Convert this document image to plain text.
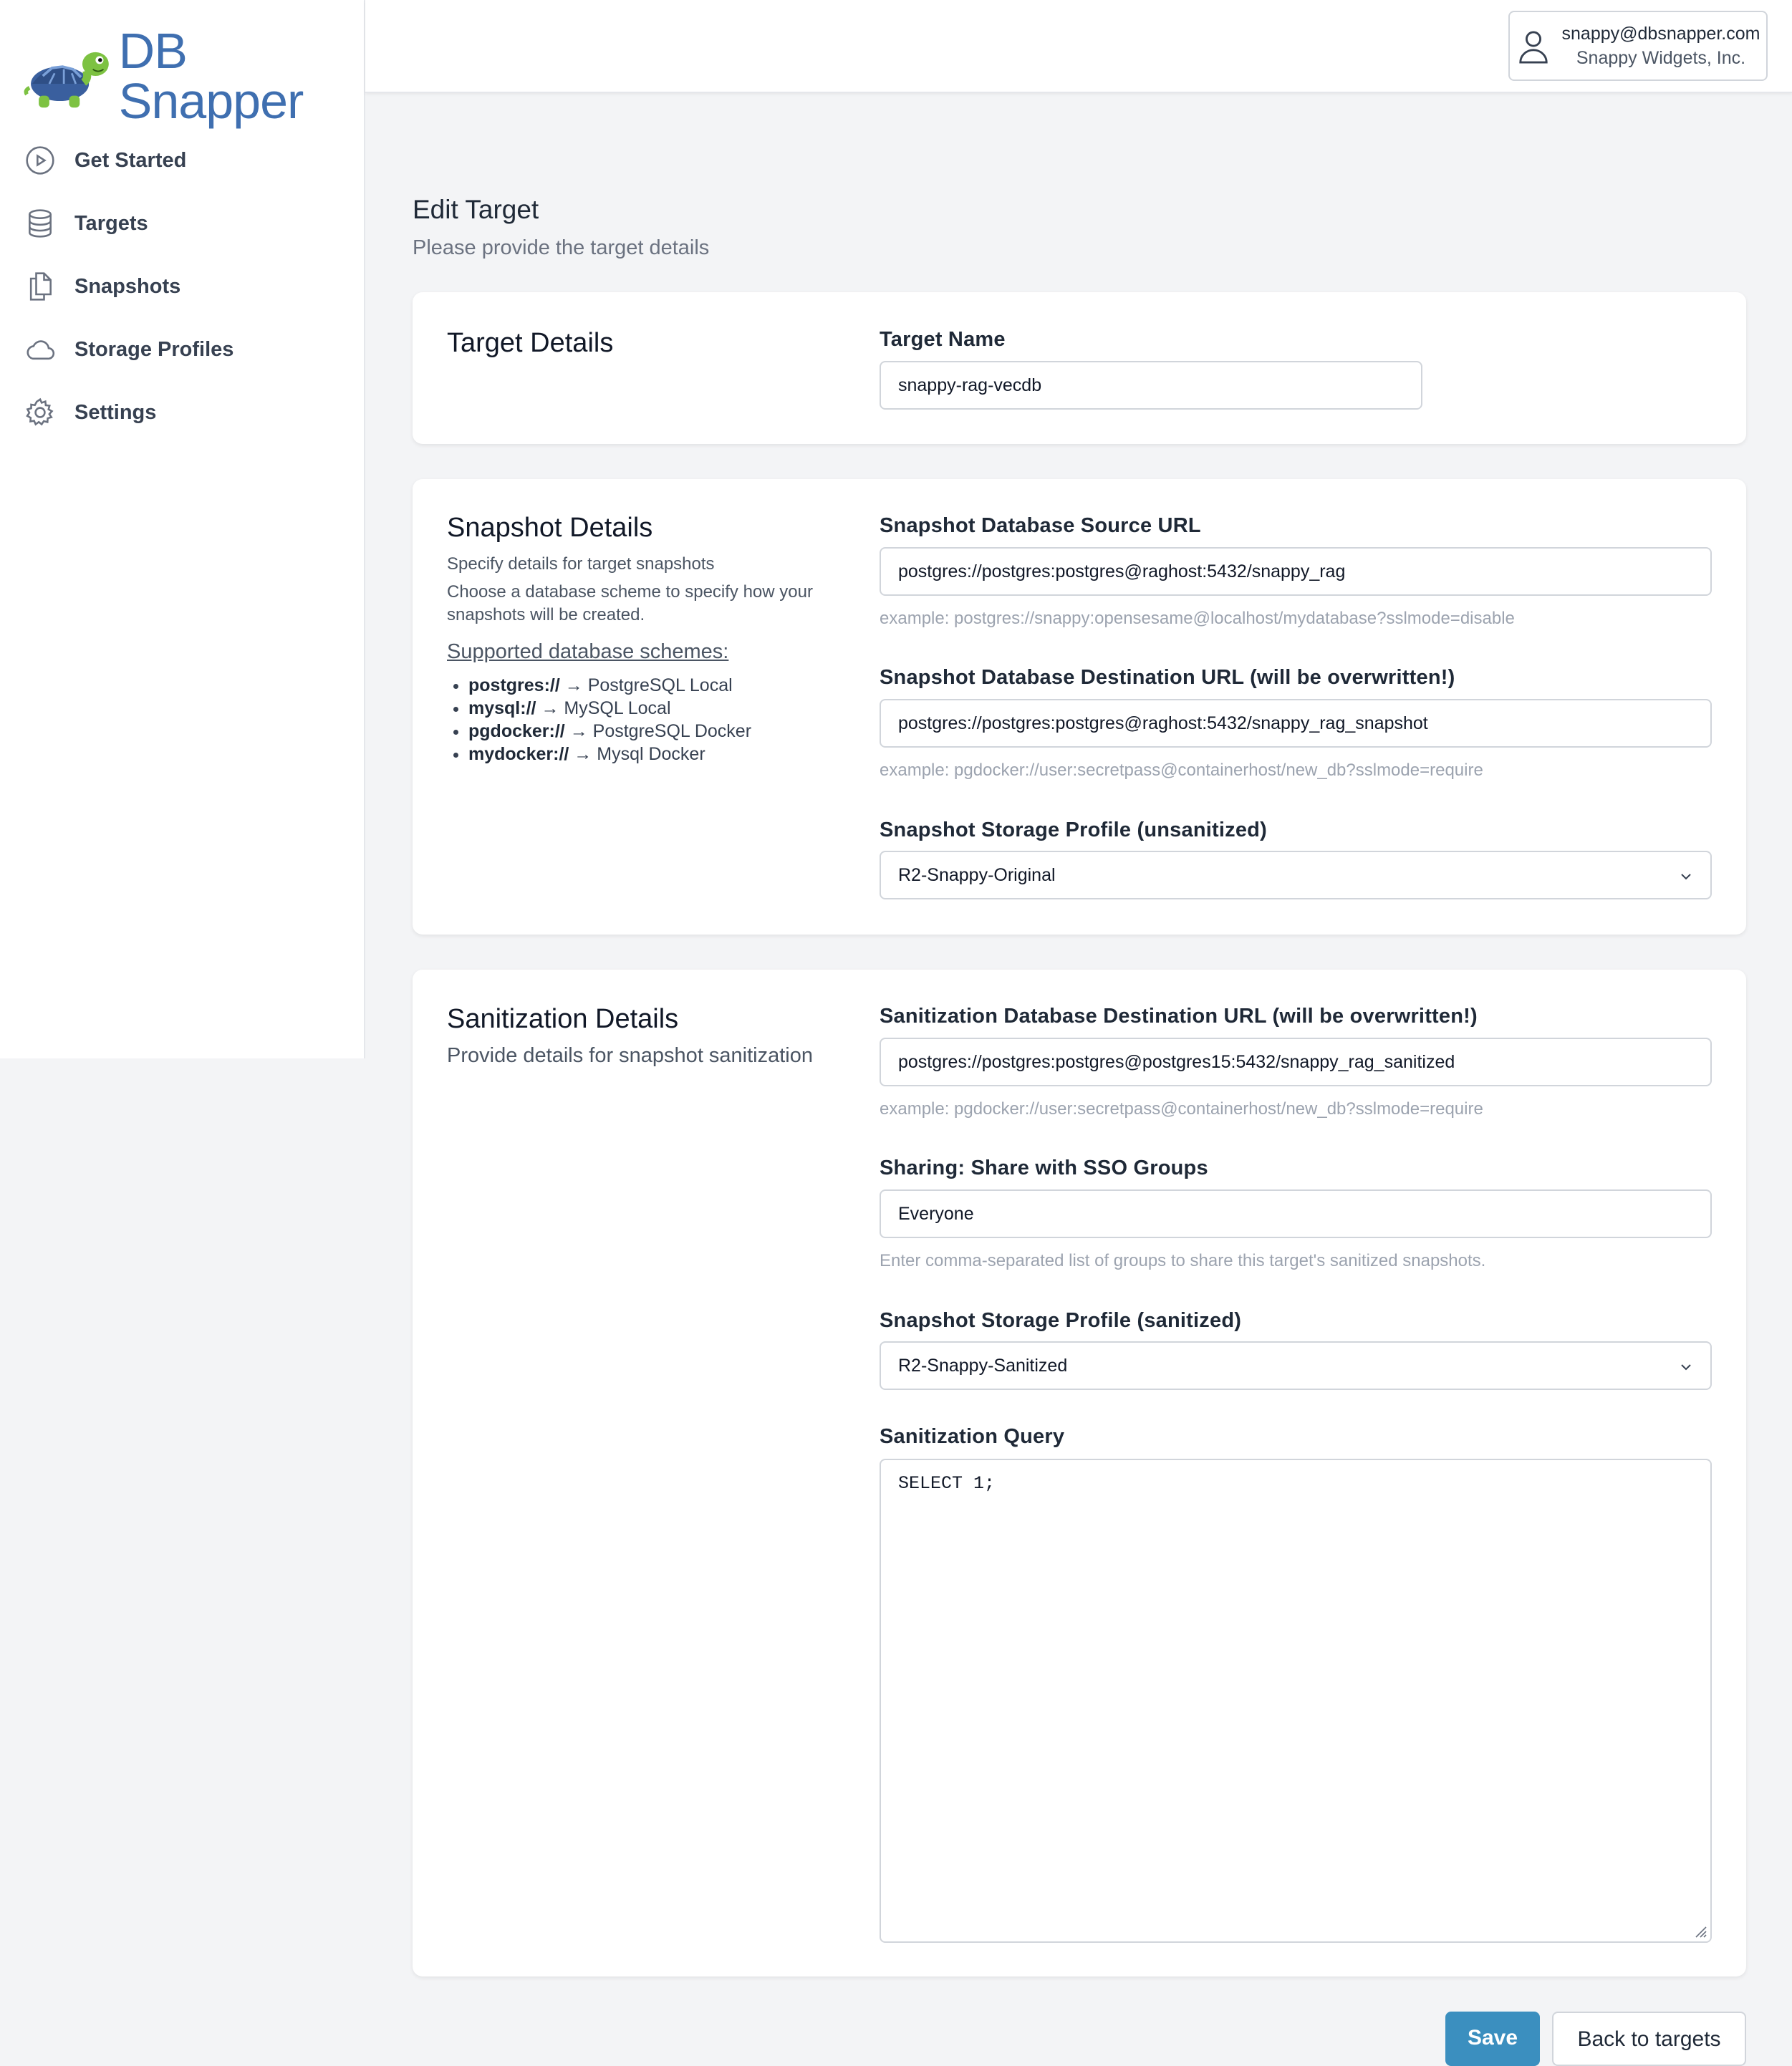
DB Snapper
Get Started
Targets
Snapshots
Storage Profiles
Settings
snappy@dbsnapper.com
Snappy Widgets, Inc.
Edit Target
Please provide the target details
Target Details	Target Name
snappy-rag-vecdb
Snapshot Details
Specify details for target snapshots
Choose a database scheme to specify how your snapshots will be created.
Supported database schemes:
• postgres:// → PostgreSQL Local
• mysql:// → MySQL Local
• pgdocker:// → PostgreSQL Docker
• mydocker:// → Mysql Docker
Snapshot Database Source URL
postgres://postgres:postgres@raghost:5432/snappy_rag
example: postgres://snappy:opensesame@localhost/mydatabase?sslmode=disable
Snapshot Database Destination URL (will be overwritten!)
postgres://postgres:postgres@raghost:5432/snappy_rag_snapshot
example: pgdocker://user:secretpass@containerhost/new_db?sslmode=require
Snapshot Storage Profile (unsanitized)
R2-Snappy-Original
Sanitization Details
Provide details for snapshot sanitization
Sanitization Database Destination URL (will be overwritten!)
postgres://postgres:postgres@postgres15:5432/snappy_rag_sanitized
example: pgdocker://user:secretpass@containerhost/new_db?sslmode=require
Sharing: Share with SSO Groups
Everyone
Enter comma-separated list of groups to share this target's sanitized snapshots.
Snapshot Storage Profile (sanitized)
R2-Snappy-Sanitized
Sanitization Query
SELECT 1;
Save	Back to targets
